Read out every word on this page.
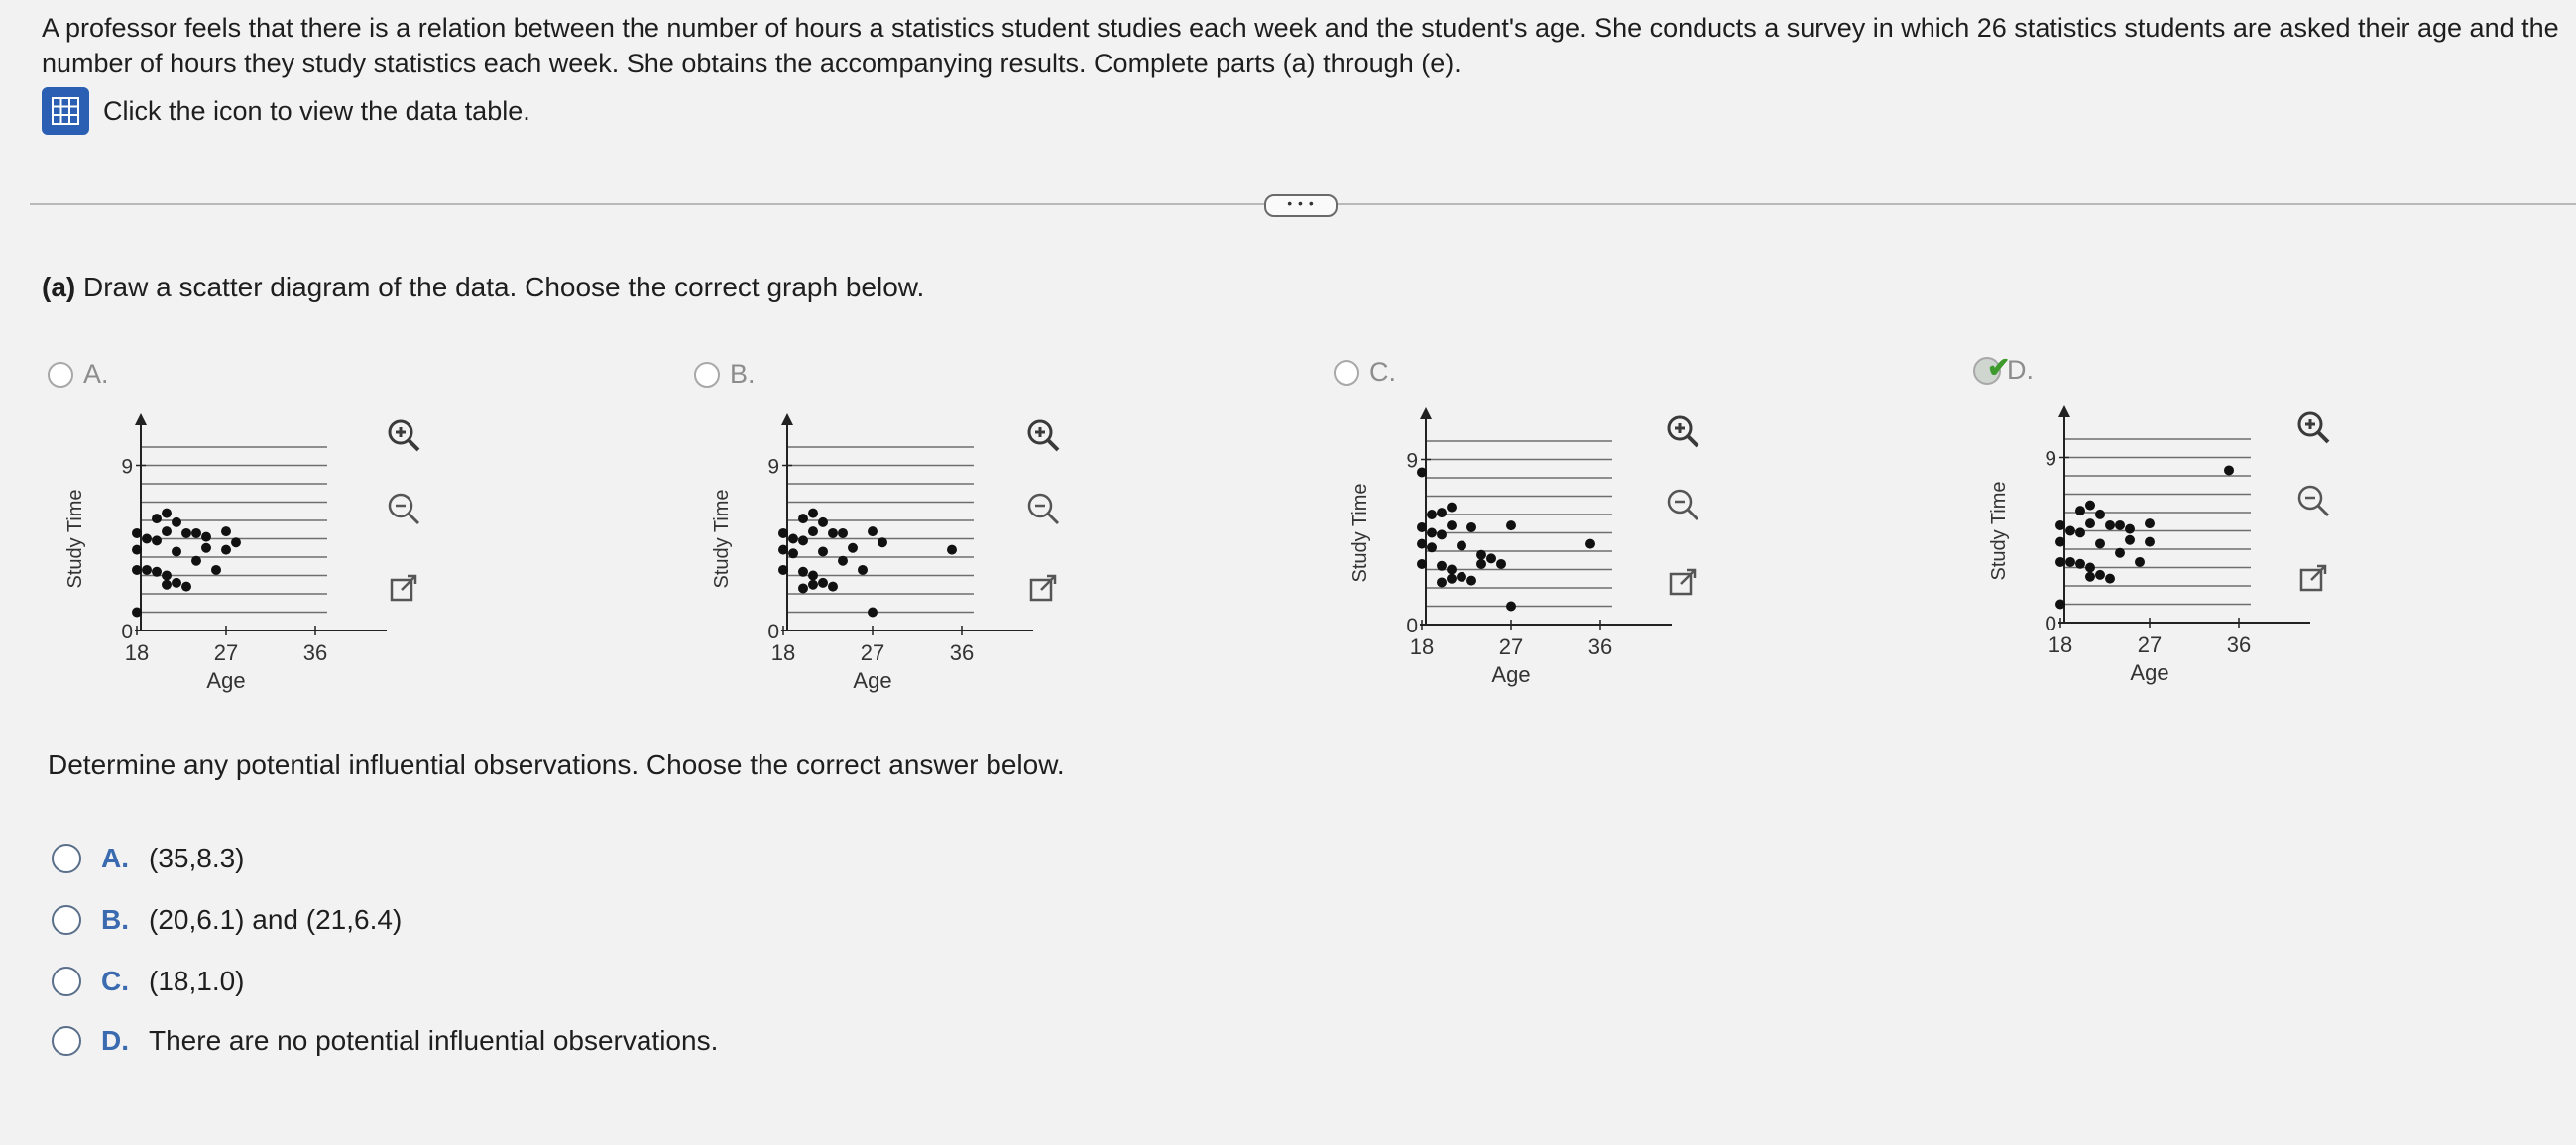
A professor feels that there is a relation between the number of hours a statistics student studies each week and the student's age. She conducts a survey in which 26 statistics students are asked their age and the number of hours they study statistics each week. She obtains the accompanying results. Complete parts (a) through (e).
Click the icon to view the data table.
• • •
(a) Draw a scatter diagram of the data. Choose the correct graph below.
A.
9
0
18	27	36
Age
Study Time
B.
9
0
18	27	36
Age
Study Time
C.
9
0
18	27	36
Age
Study Time
✔
D.
9
0
18	27	36
Age
Study Time
Determine any potential influential observations. Choose the correct answer below.
A. (35,8.3)
B. (20,6.1) and (21,6.4)
C. (18,1.0)
D. There are no potential influential observations.
